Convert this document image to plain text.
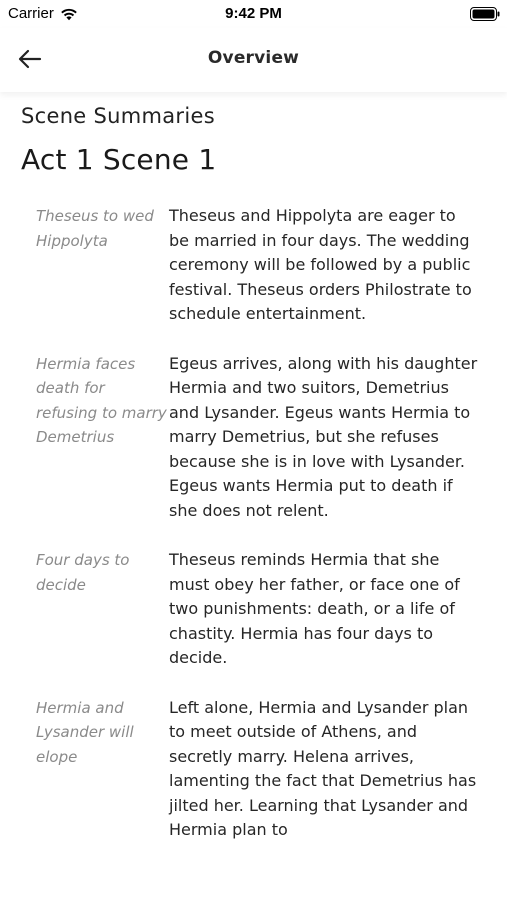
Carrier	9:42 PM
Overview
Scene Summaries
Act 1 Scene 1
Theseus to wed Hippolyta
Theseus and Hippolyta are eager to be married in four days. The wedding ceremony will be followed by a public festival. Theseus orders Philostrate to schedule entertainment.
Hermia faces death for refusing to marry Demetrius
Egeus arrives, along with his daughter Hermia and two suitors, Demetrius and Lysander. Egeus wants Hermia to marry Demetrius, but she refuses because she is in love with Lysander. Egeus wants Hermia put to death if she does not relent.
Four days to decide
Theseus reminds Hermia that she must obey her father, or face one of two punishments: death, or a life of chastity. Hermia has four days to decide.
Hermia and Lysander will elope
Left alone, Hermia and Lysander plan to meet outside of Athens, and secretly marry. Helena arrives, lamenting the fact that Demetrius has jilted her. Learning that Lysander and Hermia plan to
